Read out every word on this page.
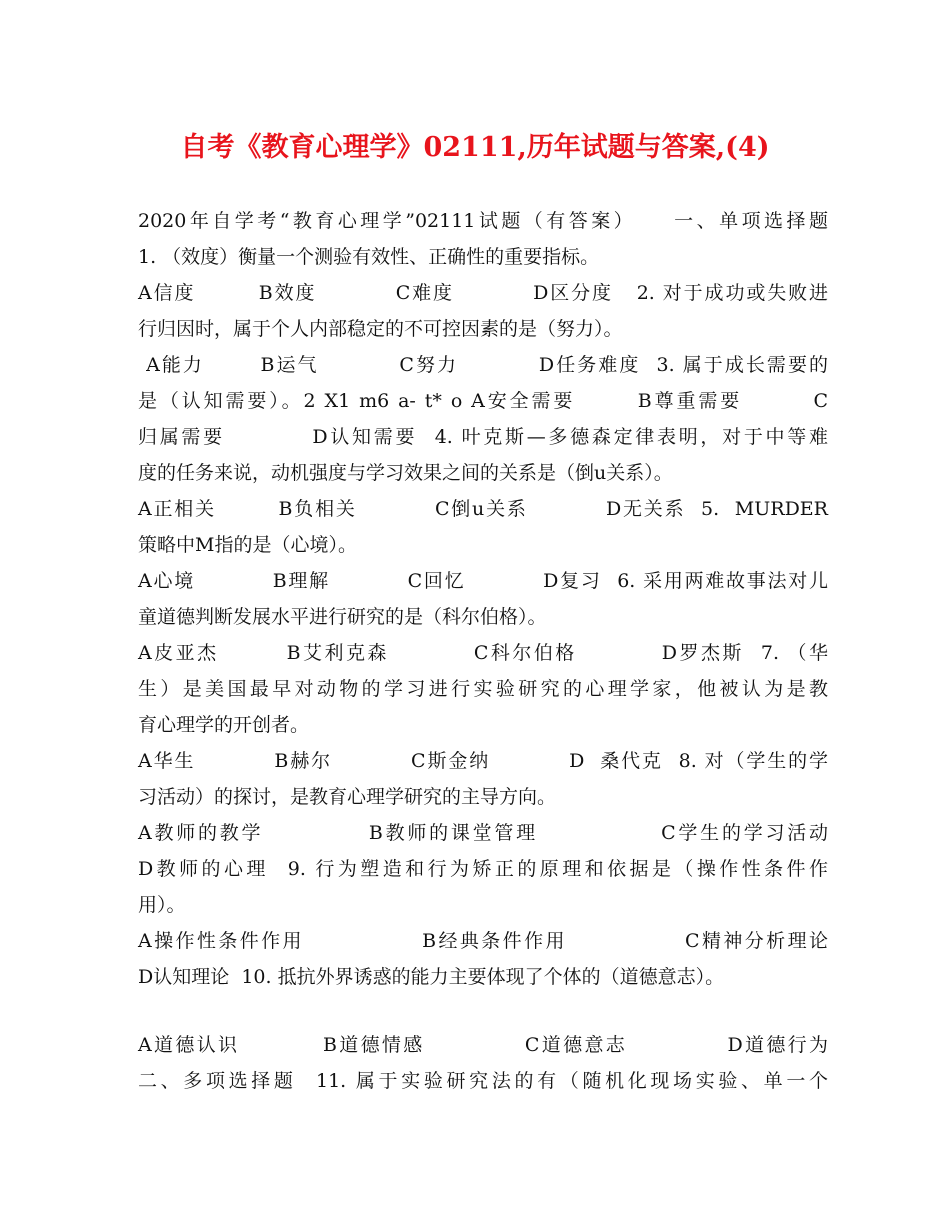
自考《教育心理学》02111,历年试题与答案,(4)
2020年自学考“教育心理学”02111试题（有答案）    一、单项选择题
1. （效度）衡量一个测验有效性、正确性的重要指标。
A信度        B效度          C难度          D区分度   2. 对于成功或失败进
行归因时，属于个人内部稳定的不可控因素的是（努力）。
A能力       B运气          C努力          D任务难度  3. 属于成长需要的
是（认知需要）。2 X1 m6 a- t* o A安全需要       B尊重需要        C
归属需要          D认知需要  4. 叶克斯—多德森定律表明，对于中等难
度的任务来说，动机强度与学习效果之间的关系是（倒u关系）。
A正相关        B负相关          C倒u关系          D无关系  5.  MURDER
策略中M指的是（心境）。
A心境          B理解          C回忆          D复习  6. 采用两难故事法对儿
童道德判断发展水平进行研究的是（科尔伯格）。
A皮亚杰        B艾利克森          C科尔伯格          D罗杰斯  7. （华
生）是美国最早对动物的学习进行实验研究的心理学家，他被认为是教
育心理学的开创者。
A华生          B赫尔          C斯金纳          D  桑代克  8. 对（学生的学
习活动）的探讨，是教育心理学研究的主导方向。
A教师的教学            B教师的课堂管理              C学生的学习活动
D教师的心理  9. 行为塑造和行为矫正的原理和依据是（操作性条件作
用）。
A操作性条件作用              B经典条件作用              C精神分析理论
D认知理论  10. 抵抗外界诱惑的能力主要体现了个体的（道德意志）。
A道德认识          B道德情感            C道德意志            D道德行为
二、多项选择题  11. 属于实验研究法的有（随机化现场实验、单一个
